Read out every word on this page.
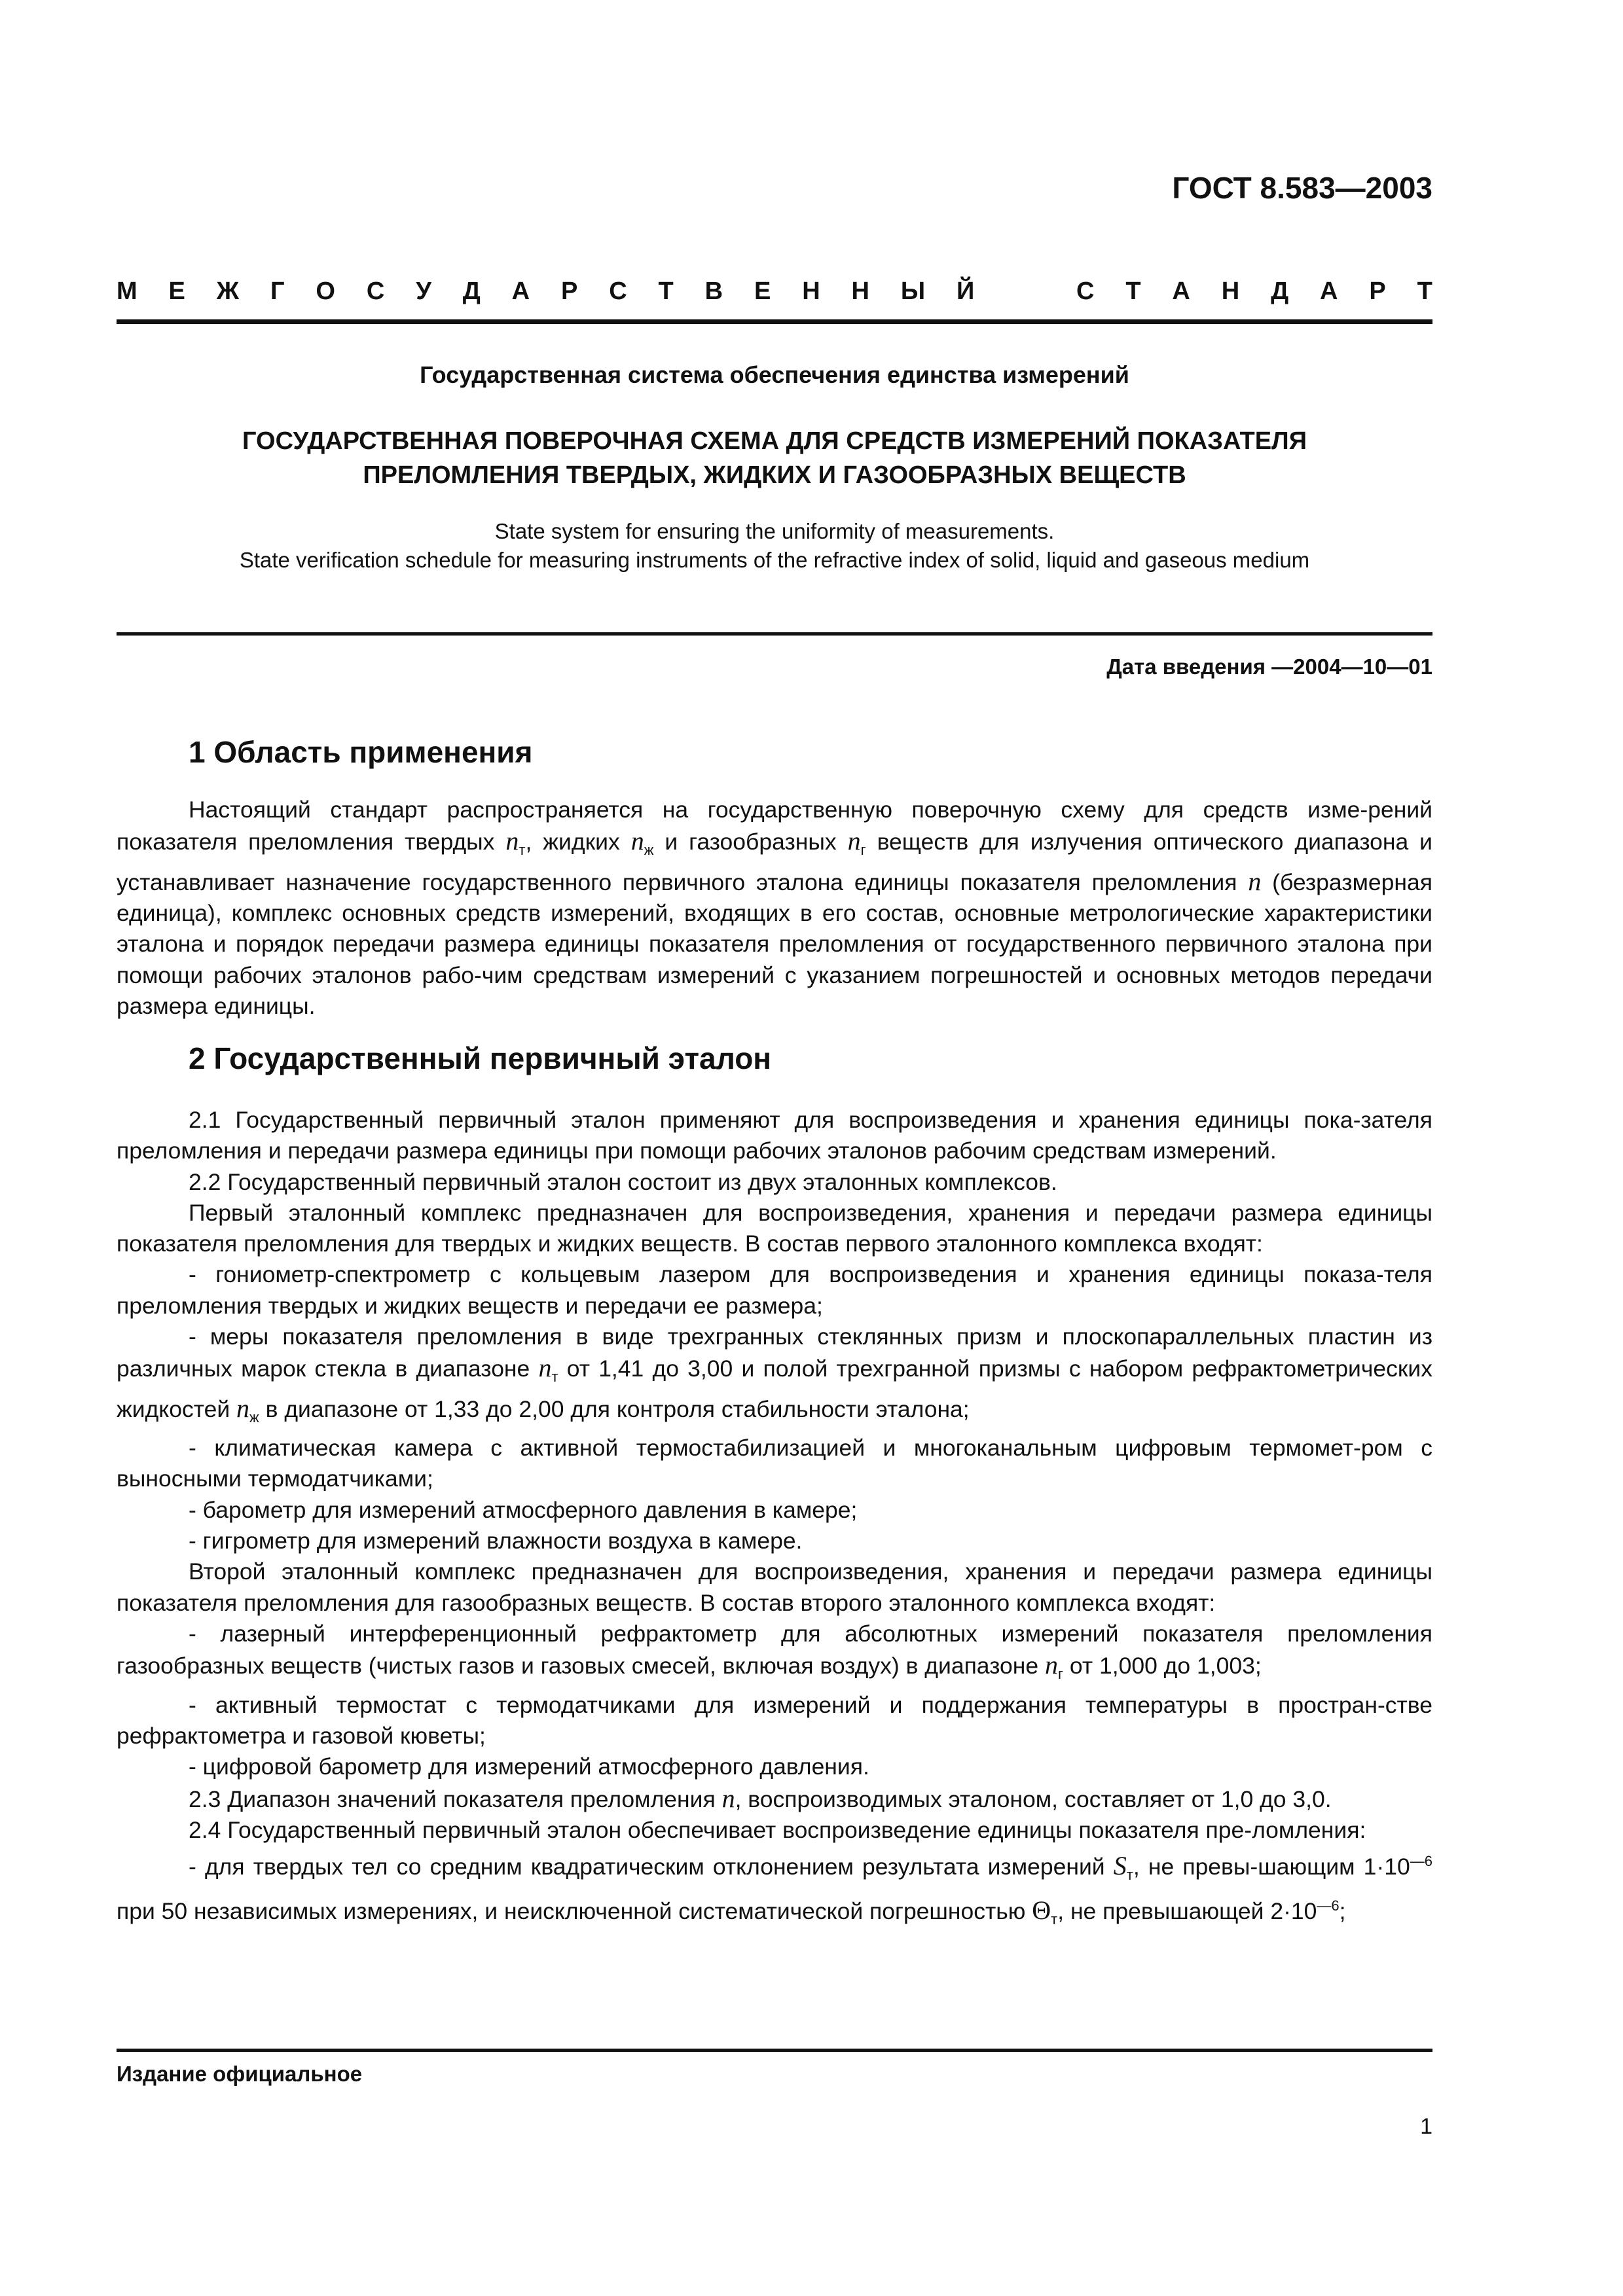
ГОСТ 8.583—2003
М Е Ж Г О С У Д А Р С Т В Е Н Н Ы Й	С Т А Н Д А Р Т
Государственная система обеспечения единства измерений
ГОСУДАРСТВЕННАЯ ПОВЕРОЧНАЯ СХЕМА ДЛЯ СРЕДСТВ ИЗМЕРЕНИЙ ПОКАЗАТЕЛЯ
ПРЕЛОМЛЕНИЯ ТВЕРДЫХ, ЖИДКИХ И ГАЗООБРАЗНЫХ ВЕЩЕСТВ
State system for ensuring the uniformity of measurements.
State verification schedule for measuring instruments of the refractive index of solid, liquid and gaseous medium
Дата введения —2004—10—01
1 Область применения

Настоящий стандарт распространяется на государственную поверочную схему для средств изме-рений показателя преломления твердых $n_т$, жидких $n_ж$ и газообразных $n_г$ веществ для излучения оптического диапазона и устанавливает назначение государственного первичного эталона единицы показателя преломления n (безразмерная единица), комплекс основных средств измерений, входящих в его состав, основные метрологические характеристики эталона и порядок передачи размера единицы показателя преломления от государственного первичного эталона при помощи рабочих эталонов рабо-чим средствам измерений с указанием погрешностей и основных методов передачи размера единицы.

2 Государственный первичный эталон

2.1 Государственный первичный эталон применяют для воспроизведения и хранения единицы пока-зателя преломления и передачи размера единицы при помощи рабочих эталонов рабочим средствам измерений.

2.2 Государственный первичный эталон состоит из двух эталонных комплексов.

Первый эталонный комплекс предназначен для воспроизведения, хранения и передачи размера единицы показателя преломления для твердых и жидких веществ. В состав первого эталонного комплекса входят:

- гониометр-спектрометр с кольцевым лазером для воспроизведения и хранения единицы показа-теля преломления твердых и жидких веществ и передачи ее размера;

- меры показателя преломления в виде трехгранных стеклянных призм и плоскопараллельных пластин из различных марок стекла в диапазоне $n_т$ от 1,41 до 3,00 и полой трехгранной призмы с набором рефрактометрических жидкостей $n_ж$ в диапазоне от 1,33 до 2,00 для контроля стабильности эталона;

- климатическая камера с активной термостабилизацией и многоканальным цифровым термомет-ром с выносными термодатчиками;

- барометр для измерений атмосферного давления в камере;

- гигрометр для измерений влажности воздуха в камере.

Второй эталонный комплекс предназначен для воспроизведения, хранения и передачи размера единицы показателя преломления для газообразных веществ. В состав второго эталонного комплекса входят:

- лазерный интерференционный рефрактометр для абсолютных измерений показателя преломления газообразных веществ (чистых газов и газовых смесей, включая воздух) в диапазоне $n_г$ от 1,000 до 1,003;

- активный термостат с термодатчиками для измерений и поддержания температуры в простран-стве рефрактометра и газовой кюветы;

- цифровой барометр для измерений атмосферного давления.

2.3 Диапазон значений показателя преломления n, воспроизводимых эталоном, составляет от 1,0 до 3,0.

2.4 Государственный первичный эталон обеспечивает воспроизведение единицы показателя пре-ломления:

- для твердых тел со средним квадратическим отклонением результата измерений $S_т$, не превы-шающим $1\cdot 10^{—6}$ при 50 независимых измерениях, и неисключенной систематической погрешностью $\Theta_т$, не превышающей $2\cdot 10^{—6}$;

Издание официальное
1
